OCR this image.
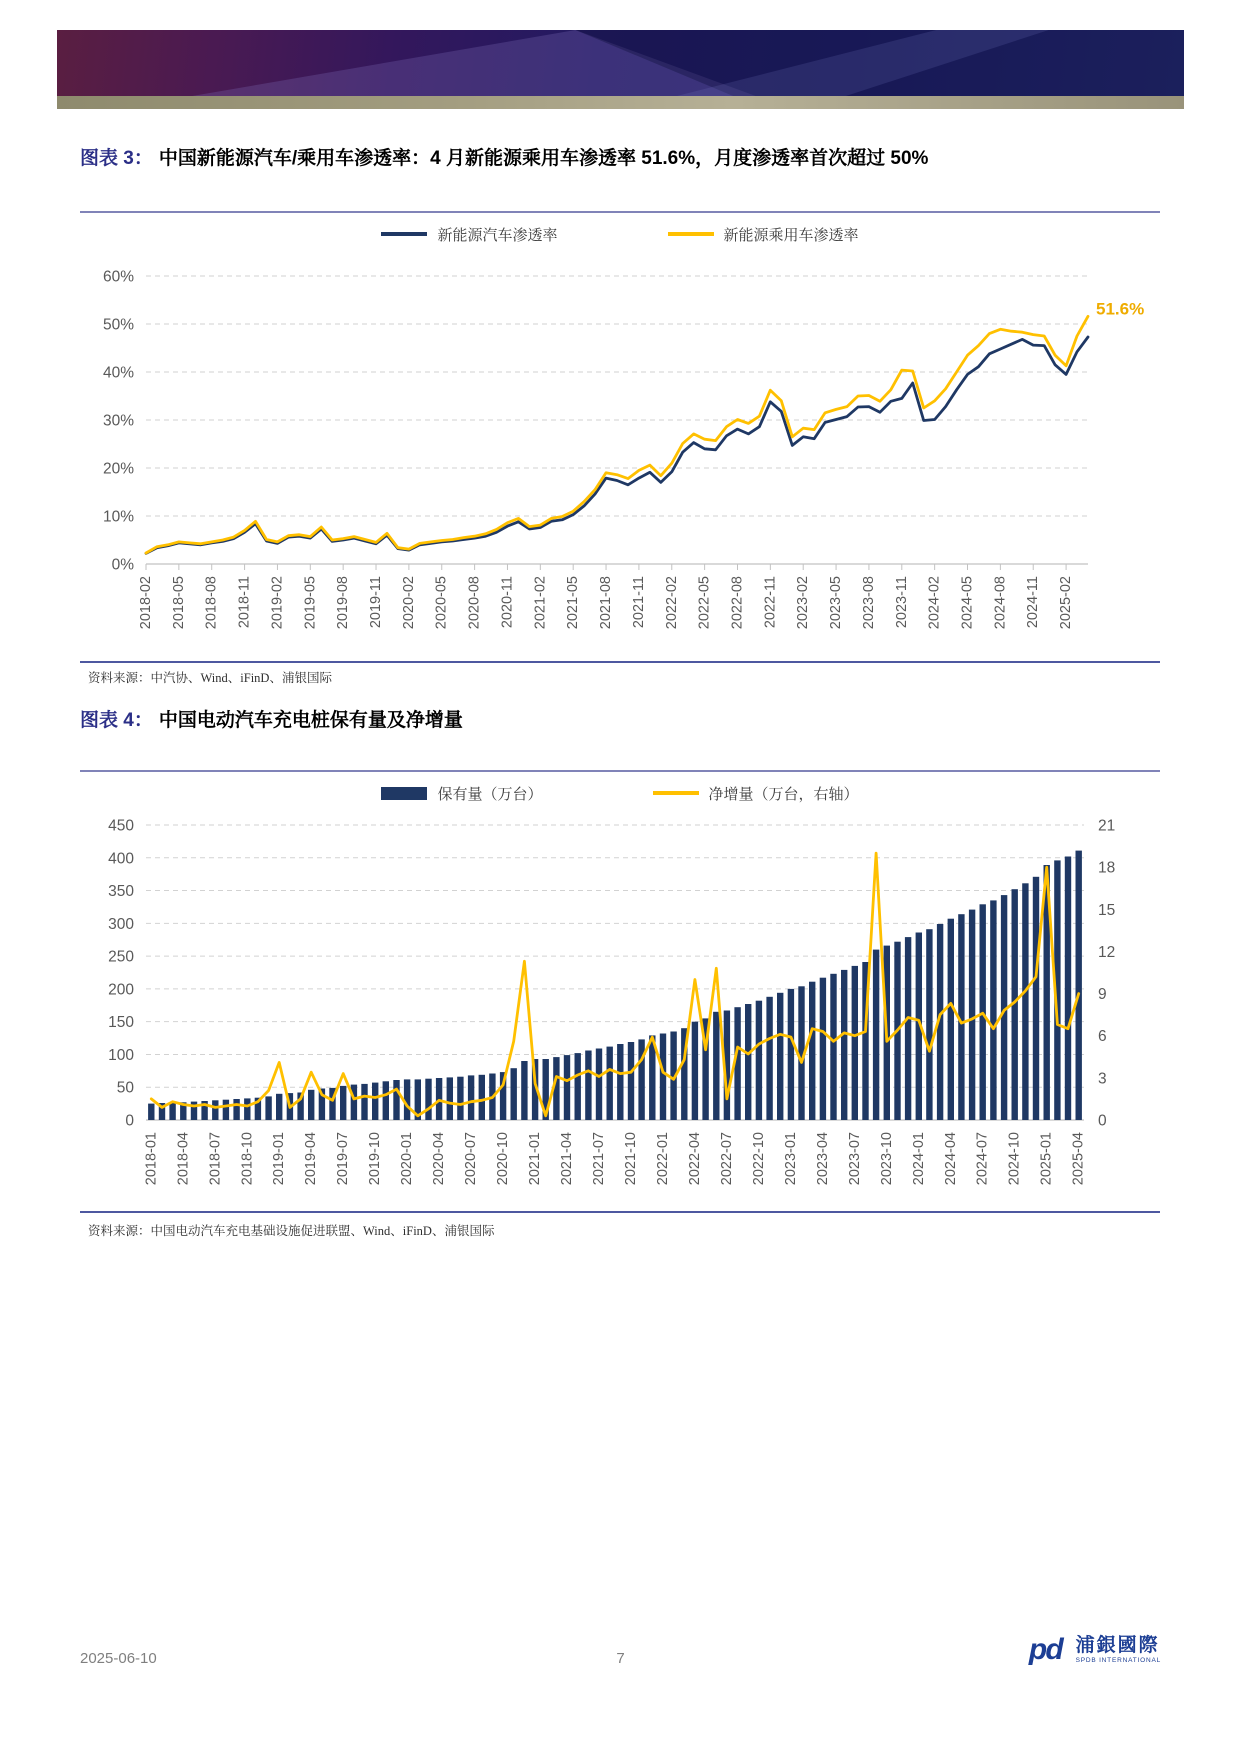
图表 3： 中国新能源汽车/乘用车渗透率：4 月新能源乘用车渗透率 51.6%，月度渗透率首次超过 50%
新能源汽车渗透率	新能源乘用车渗透率
0%
10%
20%
30%
40%
50%
60%
2018-02 2018-05 2018-08 2018-11 2019-02 2019-05 2019-08 2019-11 2020-02 2020-05 2020-08 2020-11 2021-02 2021-05 2021-08 2021-11 2022-02 2022-05 2022-08 2022-11 2023-02 2023-05 2023-08 2023-11 2024-02 2024-05 2024-08 2024-11 2025-02
51.6%
资料来源：中汽协、Wind、iFinD、浦银国际
图表 4： 中国电动汽车充电桩保有量及净增量
保有量（万台）	净增量（万台，右轴）
0
50
100
150
200
250
300
350
400
450
0
3
6
9
12
15
18
21
2018-01 2018-04 2018-07 2018-10 2019-01 2019-04 2019-07 2019-10 2020-01 2020-04 2020-07 2020-10 2021-01 2021-04 2021-07 2021-10 2022-01 2022-04 2022-07 2022-10 2023-01 2023-04 2023-07 2023-10 2024-01 2024-04 2024-07 2024-10 2025-01 2025-04
资料来源：中国电动汽车充电基础设施促进联盟、Wind、iFinD、浦银国际
2025-06-10	7	pd 浦銀國際
SPDB INTERNATIONAL
